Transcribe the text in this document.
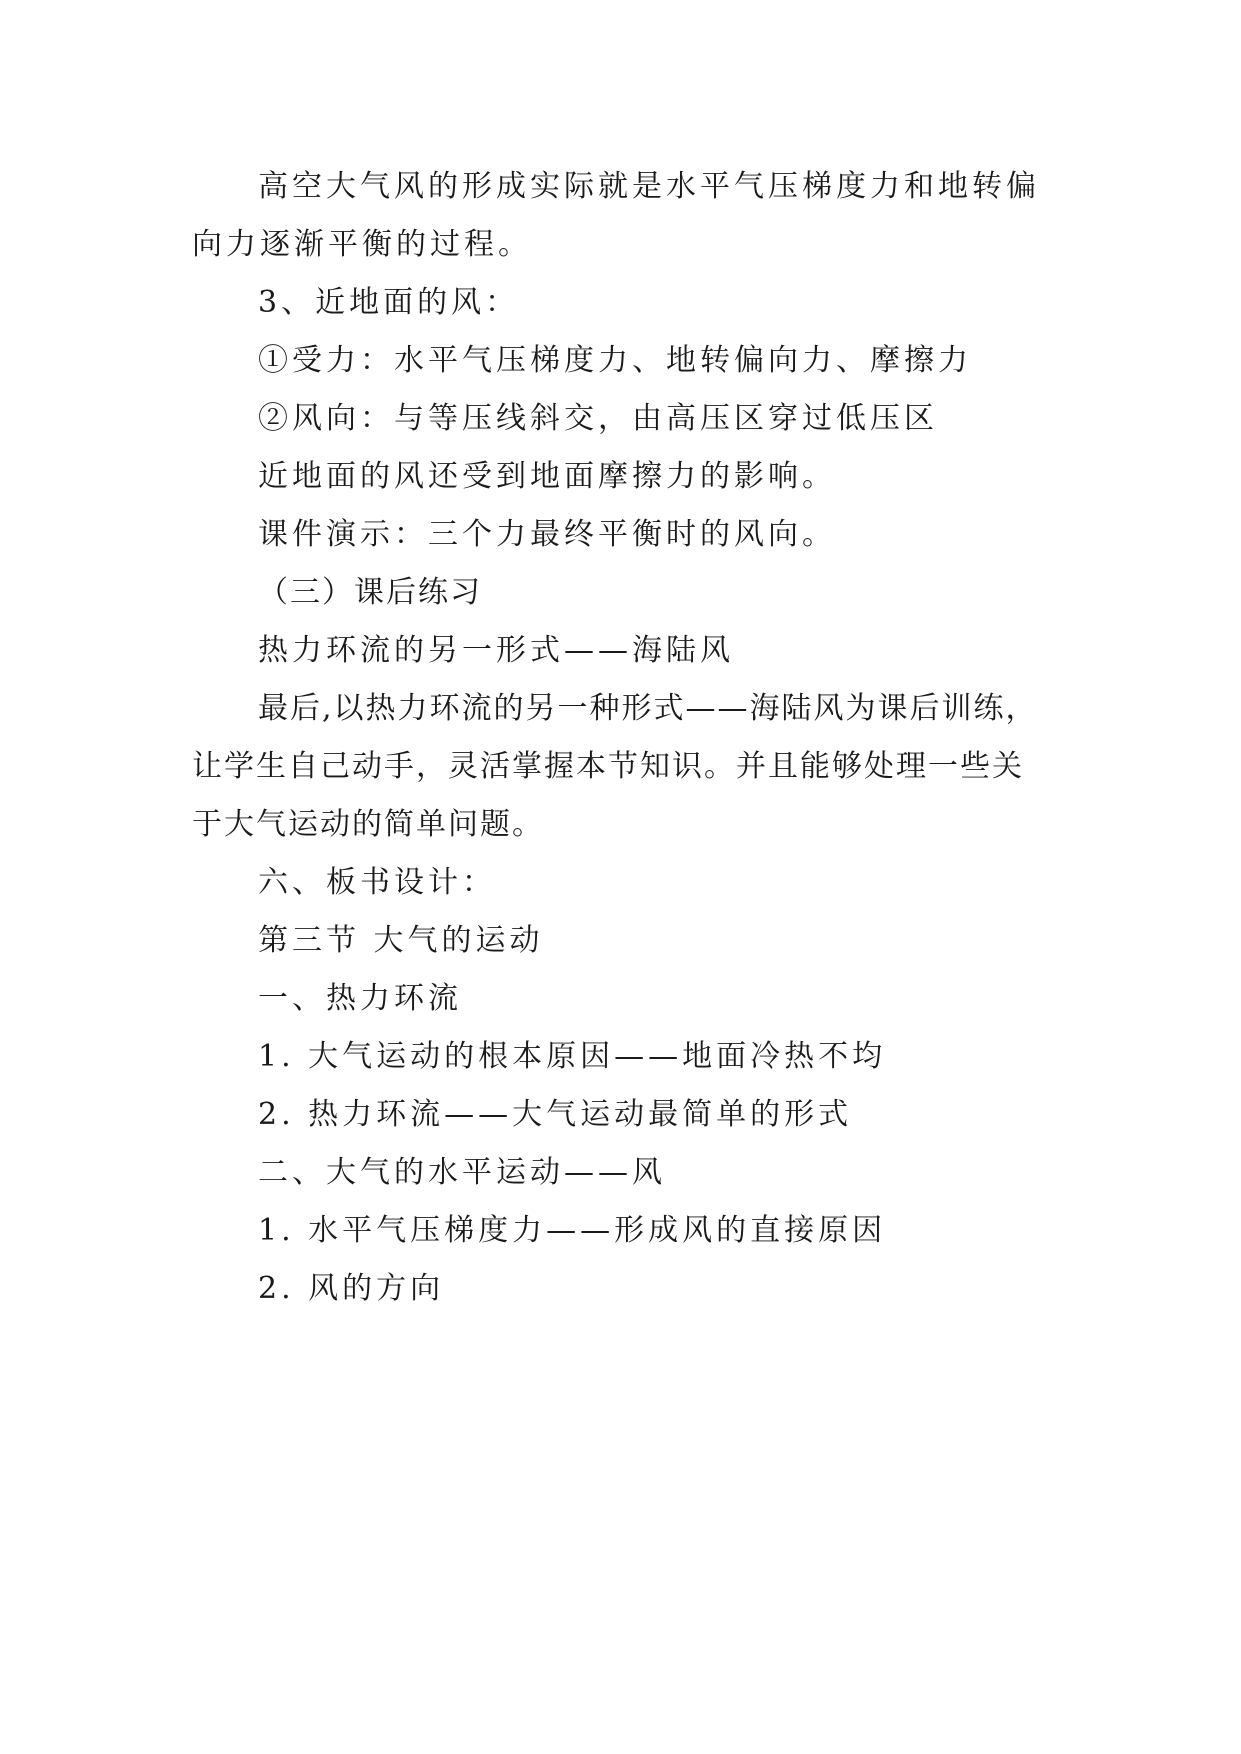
高空大气风的形成实际就是水平气压梯度力和地转偏向力逐渐平衡的过程。

3、近地面的风：

①受力：水平气压梯度力、地转偏向力、摩擦力

②风向：与等压线斜交，由高压区穿过低压区

近地面的风还受到地面摩擦力的影响。

课件演示：三个力最终平衡时的风向。

（三）课后练习

热力环流的另一形式——海陆风

最后,以热力环流的另一种形式——海陆风为课后训练，让学生自己动手，灵活掌握本节知识。并且能够处理一些关于大气运动的简单问题。

六、板书设计：

第三节 大气的运动

一、热力环流

1. 大气运动的根本原因——地面冷热不均

2. 热力环流——大气运动最简单的形式

二、大气的水平运动——风

1. 水平气压梯度力——形成风的直接原因

2. 风的方向
